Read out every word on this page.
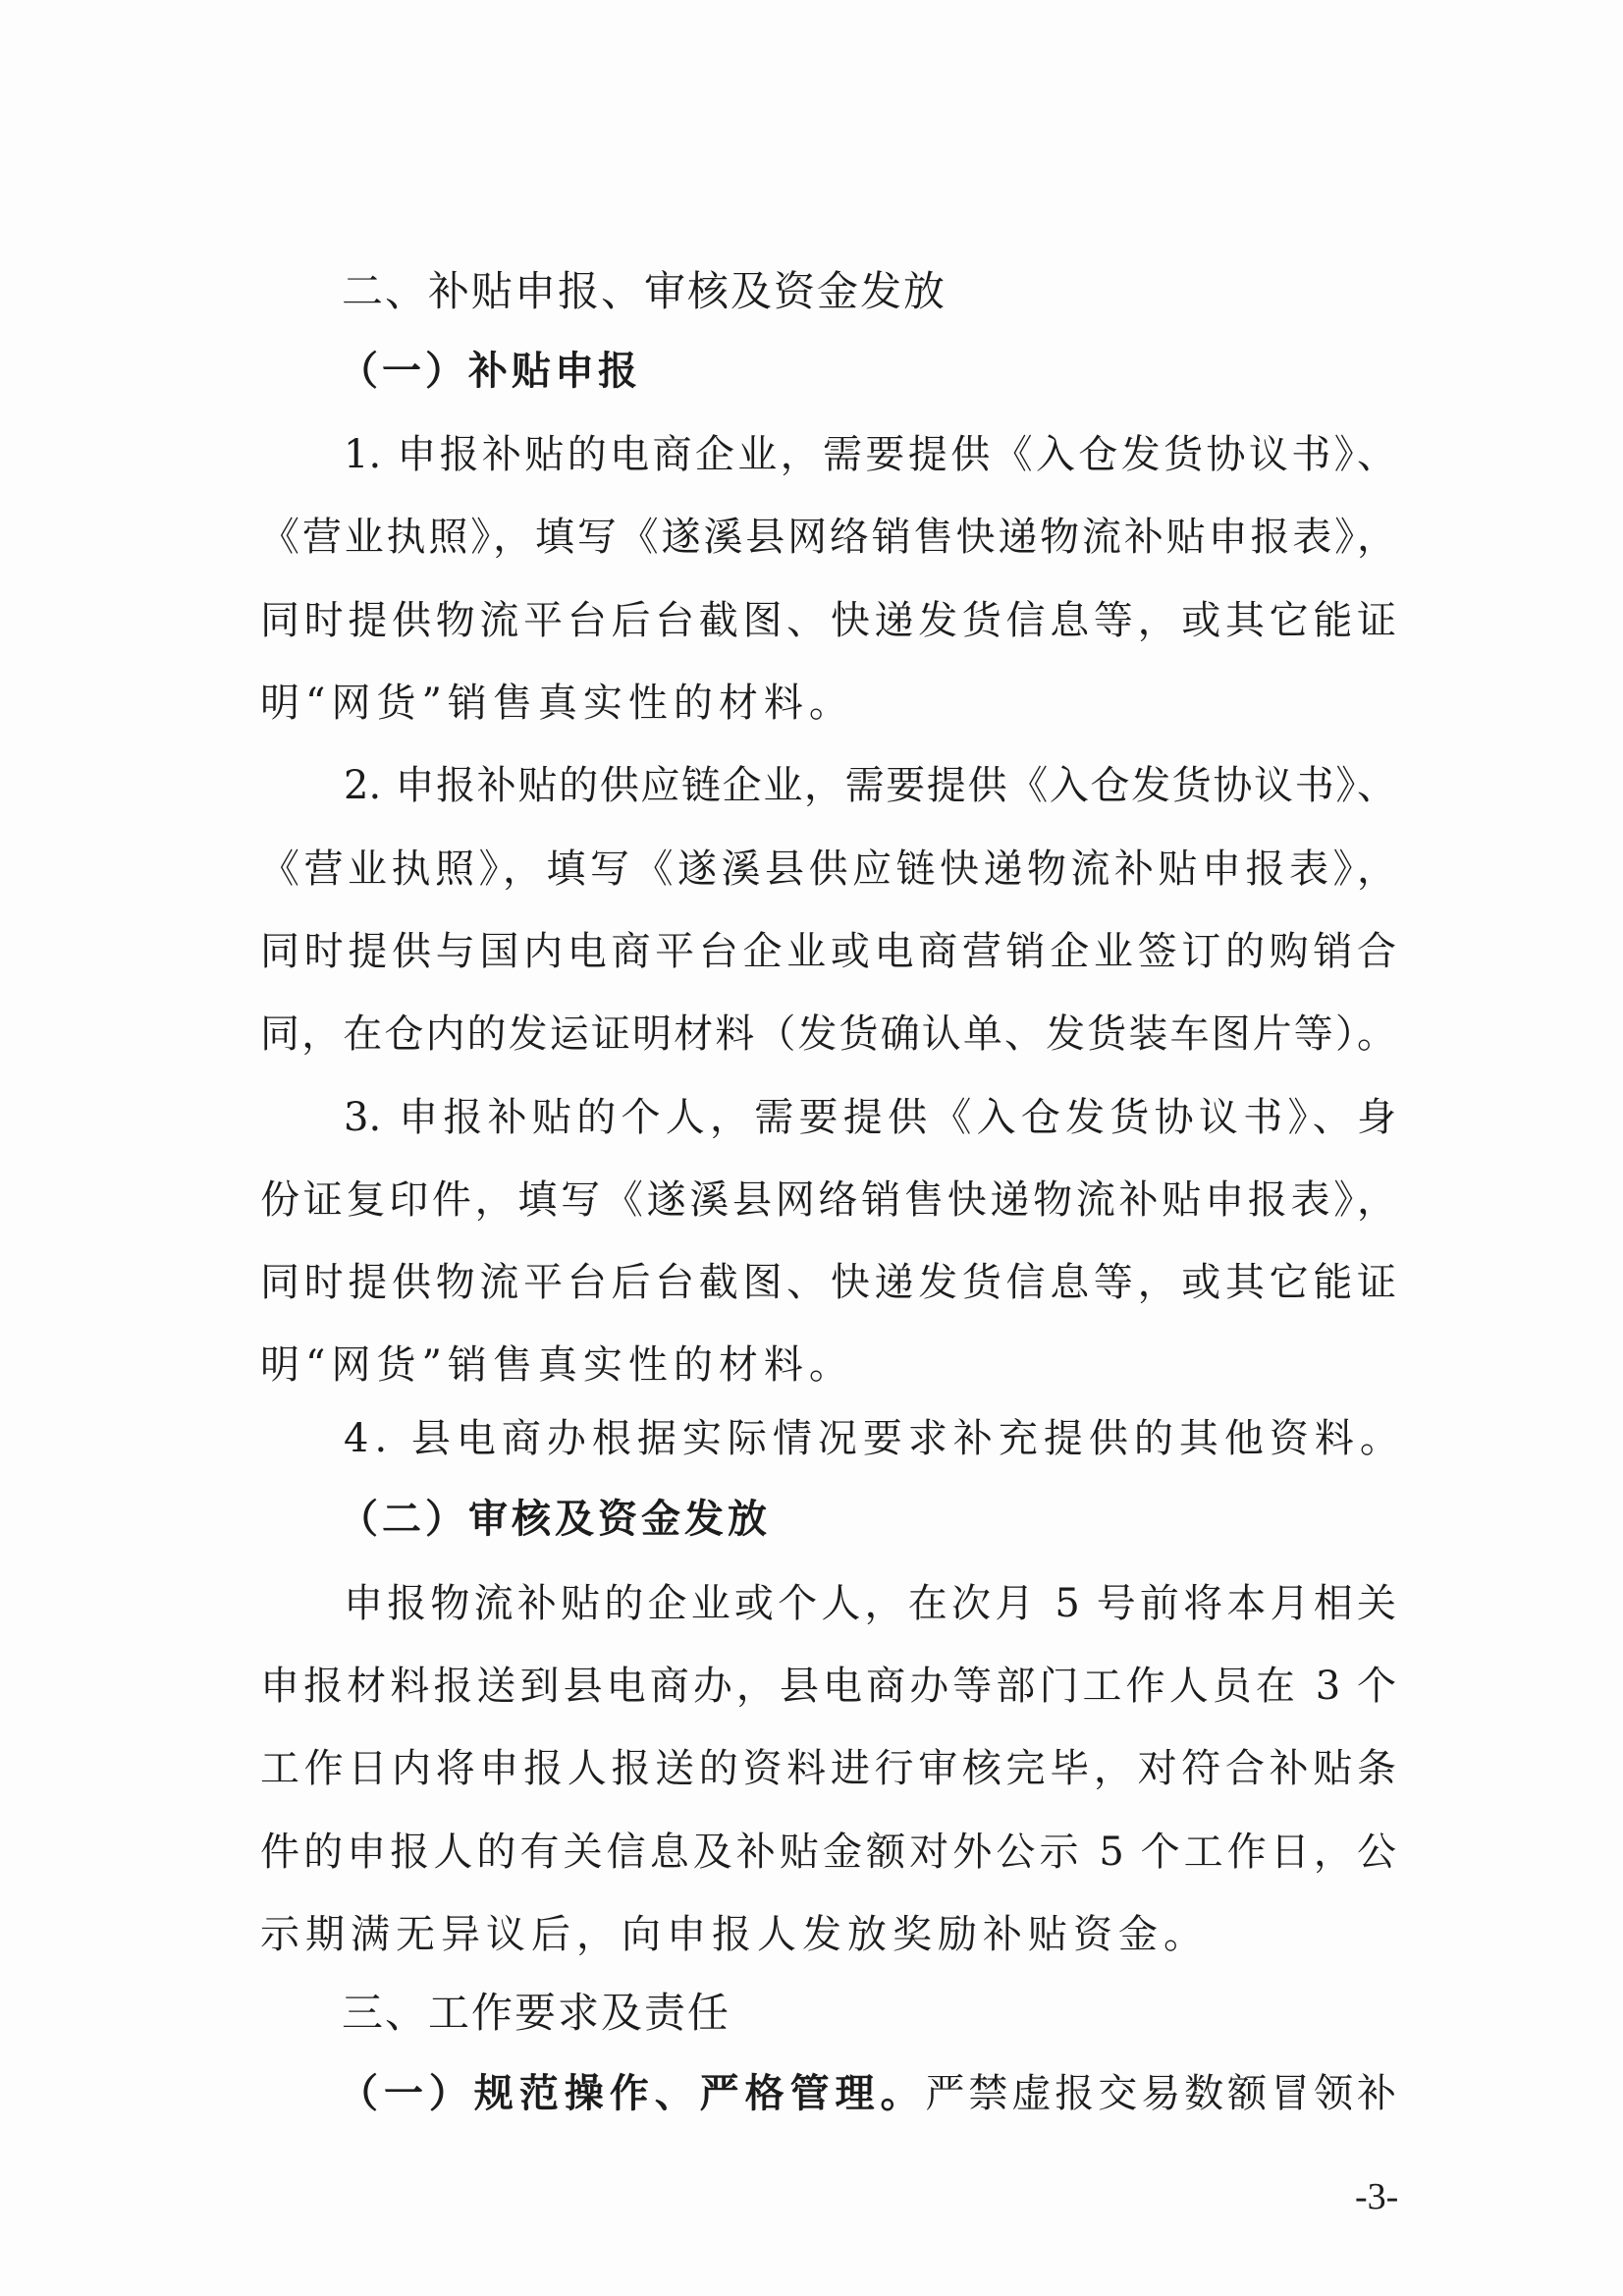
二、补贴申报、审核及资金发放
（一）补贴申报
1. 申报补贴的电商企业，需要提供《入仓发货协议书》、
《营业执照》，填写《遂溪县网络销售快递物流补贴申报表》，
同时提供物流平台后台截图、快递发货信息等，或其它能证
明“网货”销售真实性的材料。
2. 申报补贴的供应链企业，需要提供《入仓发货协议书》、
《营业执照》，填写《遂溪县供应链快递物流补贴申报表》，
同时提供与国内电商平台企业或电商营销企业签订的购销合
同，在仓内的发运证明材料（发货确认单、发货装车图片等）。
3. 申报补贴的个人，需要提供《入仓发货协议书》、身
份证复印件，填写《遂溪县网络销售快递物流补贴申报表》，
同时提供物流平台后台截图、快递发货信息等，或其它能证
明“网货”销售真实性的材料。
4. 县电商办根据实际情况要求补充提供的其他资料。
（二）审核及资金发放
申报物流补贴的企业或个人，在次月 5 号前将本月相关
申报材料报送到县电商办，县电商办等部门工作人员在 3 个
工作日内将申报人报送的资料进行审核完毕，对符合补贴条
件的申报人的有关信息及补贴金额对外公示 5 个工作日，公
示期满无异议后，向申报人发放奖励补贴资金。
三、工作要求及责任
（一）规范操作、严格管理。严禁虚报交易数额冒领补
-3-
